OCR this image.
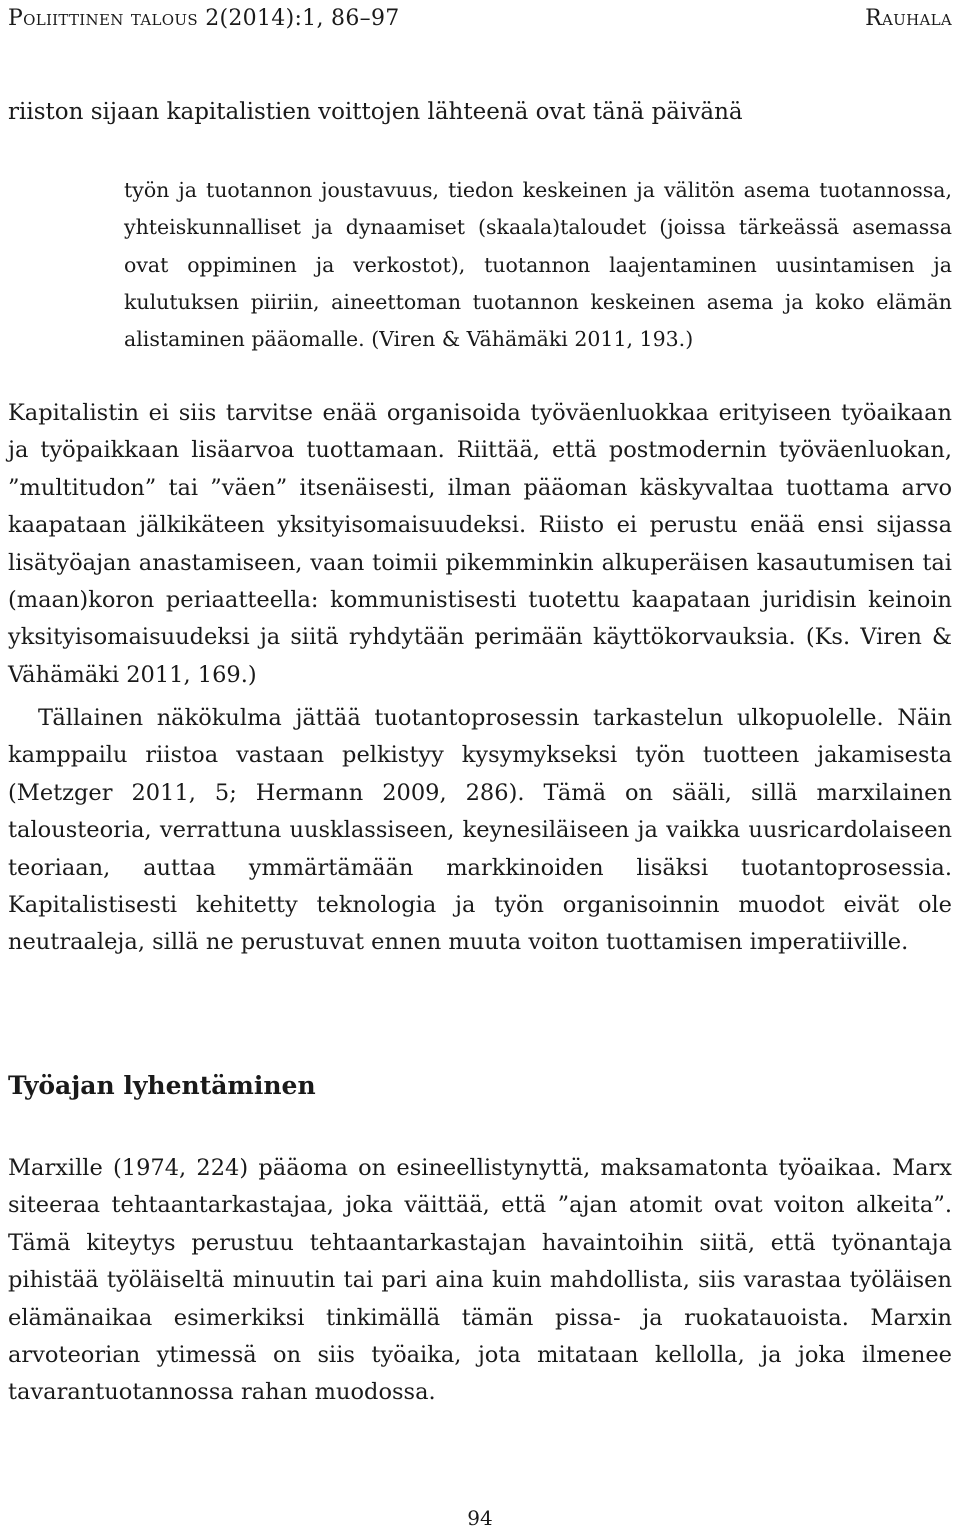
Poliittinen talous 2(2014):1, 86–97	Rauhala

riiston sijaan kapitalistien voittojen lähteenä ovat tänä päivänä

työn ja tuotannon joustavuus, tiedon keskeinen ja välitön asema tuotannossa, yhteiskunnalliset ja dynaamiset (skaala)taloudet (joissa tärkeässä asemassa ovat oppiminen ja verkostot), tuotannon laajentaminen uusintamisen ja kulutuksen piiriin, aineettoman tuotannon keskeinen asema ja koko elämän alistaminen pääomalle. (Viren & Vähämäki 2011, 193.)

Kapitalistin ei siis tarvitse enää organisoida työväenluokkaa erityiseen työaikaan ja työpaikkaan lisäarvoa tuottamaan. Riittää, että postmodernin työväenluokan, ”multitudon” tai ”väen” itsenäisesti, ilman pääoman käskyvaltaa tuottama arvo kaapataan jälkikäteen yksityisomaisuudeksi. Riisto ei perustu enää ensi sijassa lisätyöajan anastamiseen, vaan toimii pikemminkin alkuperäisen kasautumisen tai (maan)koron periaatteella: kommunistisesti tuotettu kaapataan juridisin keinoin yksityisomaisuudeksi ja siitä ryhdytään perimään käyttökorvauksia. (Ks. Viren & Vähämäki 2011, 169.)

Tällainen näkökulma jättää tuotantoprosessin tarkastelun ulkopuolelle. Näin kamppailu riistoa vastaan pelkistyy kysymykseksi työn tuotteen jakamisesta (Metzger 2011, 5; Hermann 2009, 286). Tämä on sääli, sillä marxilainen talousteoria, verrattuna uusklassiseen, keynesiläiseen ja vaikka uusricardolaiseen teoriaan, auttaa ymmärtämään markkinoiden lisäksi tuotantoprosessia. Kapitalistisesti kehitetty teknologia ja työn organisoinnin muodot eivät ole neutraaleja, sillä ne perustuvat ennen muuta voiton tuottamisen imperatiiville.

Työajan lyhentäminen

Marxille (1974, 224) pääoma on esineellistynyttä, maksamatonta työaikaa. Marx siteeraa tehtaantarkastajaa, joka väittää, että ”ajan atomit ovat voiton alkeita”. Tämä kiteytys perustuu tehtaantarkastajan havaintoihin siitä, että työnantaja pihistää työläiseltä minuutin tai pari aina kuin mahdollista, siis varastaa työläisen elämänaikaa esimerkiksi tinkimällä tämän pissa- ja ruokatauoista. Marxin arvoteorian ytimessä on siis työaika, jota mitataan kellolla, ja joka ilmenee tavarantuotannossa rahan muodossa.

94
